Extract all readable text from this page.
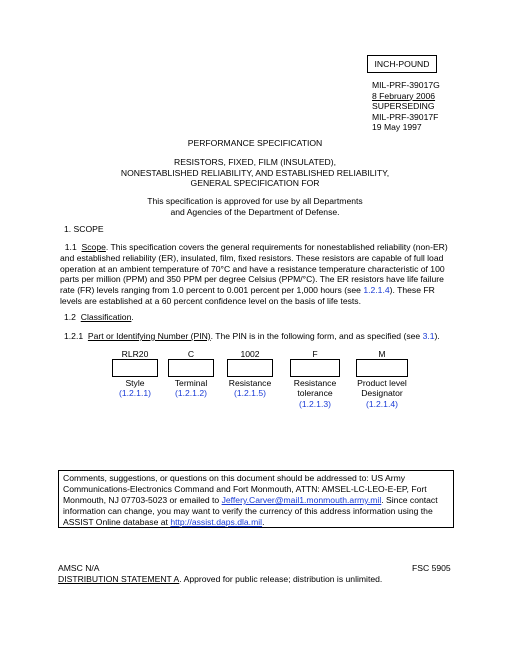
INCH-POUND
MIL-PRF-39017G
8 February 2006
SUPERSEDING
MIL-PRF-39017F
19 May 1997
PERFORMANCE SPECIFICATION
RESISTORS, FIXED, FILM (INSULATED),
NONESTABLISHED RELIABILITY, AND ESTABLISHED RELIABILITY,
GENERAL SPECIFICATION FOR
This specification is approved for use by all Departments
and Agencies of the Department of Defense.
1. SCOPE
1.1 Scope. This specification covers the general requirements for nonestablished reliability (non-ER) and established reliability (ER), insulated, film, fixed resistors. These resistors are capable of full load operation at an ambient temperature of 70°C and have a resistance temperature characteristic of 100 parts per million (PPM) and 350 PPM per degree Celsius (PPM/°C). The ER resistors have life failure rate (FR) levels ranging from 1.0 percent to 0.001 percent per 1,000 hours (see 1.2.1.4). These FR levels are established at a 60 percent confidence level on the basis of life tests.
1.2 Classification.
1.2.1 Part or Identifying Number (PIN). The PIN is in the following form, and as specified (see 3.1).
RLR20
Style
(1.2.1.1)
C
Terminal
(1.2.1.2)
1002
Resistance
(1.2.1.5)
F
Resistance
tolerance
(1.2.1.3)
M
Product level
Designator
(1.2.1.4)
Comments, suggestions, or questions on this document should be addressed to: US Army Communications-Electronics Command and Fort Monmouth, ATTN: AMSEL-LC-LEO-E-EP, Fort Monmouth, NJ 07703-5023 or emailed to Jeffery.Carver@mail1.monmouth.army.mil. Since contact information can change, you may want to verify the currency of this address information using the ASSIST Online database at http://assist.daps.dla.mil.
AMSC N/A	FSC 5905
DISTRIBUTION STATEMENT A. Approved for public release; distribution is unlimited.
